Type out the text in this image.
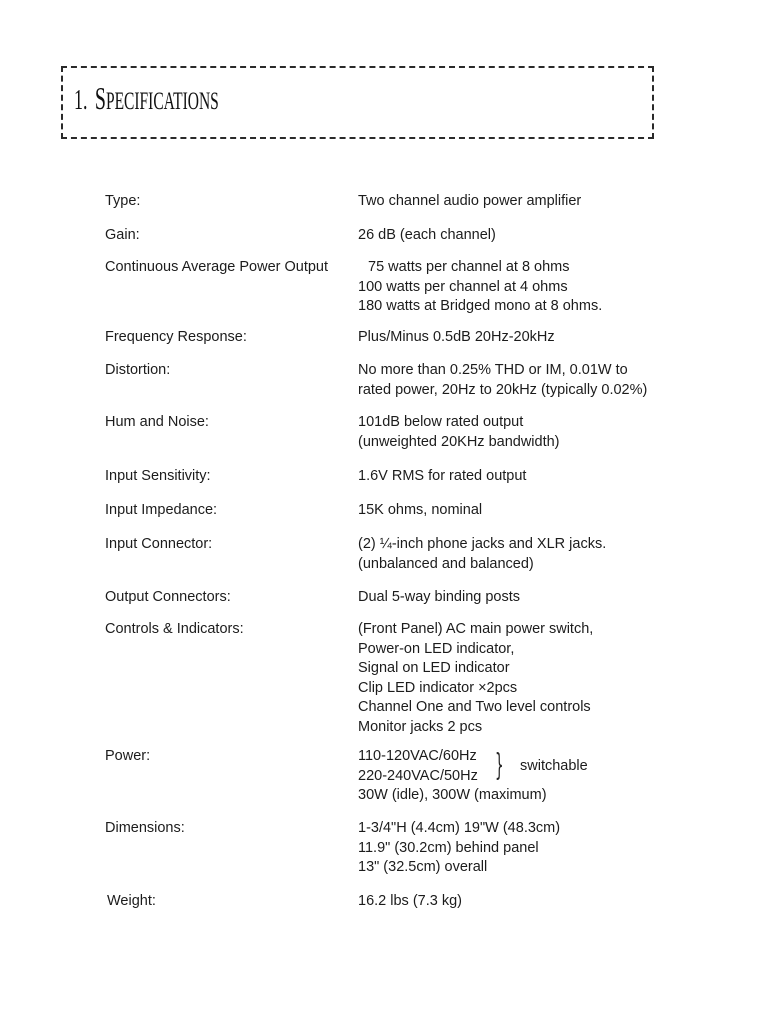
1. SPECIFICATIONS
Type:	Two channel audio power amplifier
Gain:	26 dB (each channel)
Continuous Average Power Output	75 watts per channel at 8 ohms
100 watts per channel at 4 ohms
180 watts at Bridged mono at 8 ohms.
Frequency Response:	Plus/Minus 0.5dB 20Hz-20kHz
Distortion:	No more than 0.25% THD or IM, 0.01W to
rated power, 20Hz to 20kHz (typically 0.02%)
Hum and Noise:	101dB below rated output
(unweighted 20KHz bandwidth)
Input Sensitivity:	1.6V RMS for rated output
Input Impedance:	15K ohms, nominal
Input Connector:	(2) ¼-inch phone jacks and XLR jacks.
(unbalanced and balanced)
Output Connectors:	Dual 5-way binding posts
Controls & Indicators:	(Front Panel) AC main power switch,
Power-on LED indicator,
Signal on LED indicator
Clip LED indicator ×2pcs
Channel One and Two level controls
Monitor jacks 2 pcs
Power:	110-120VAC/60Hz
220-240VAC/50Hz
30W (idle), 300W (maximum)
} switchable
Dimensions:	1-3/4"H (4.4cm) 19"W (48.3cm)
11.9" (30.2cm) behind panel
13" (32.5cm) overall
Weight:	16.2 lbs (7.3 kg)
